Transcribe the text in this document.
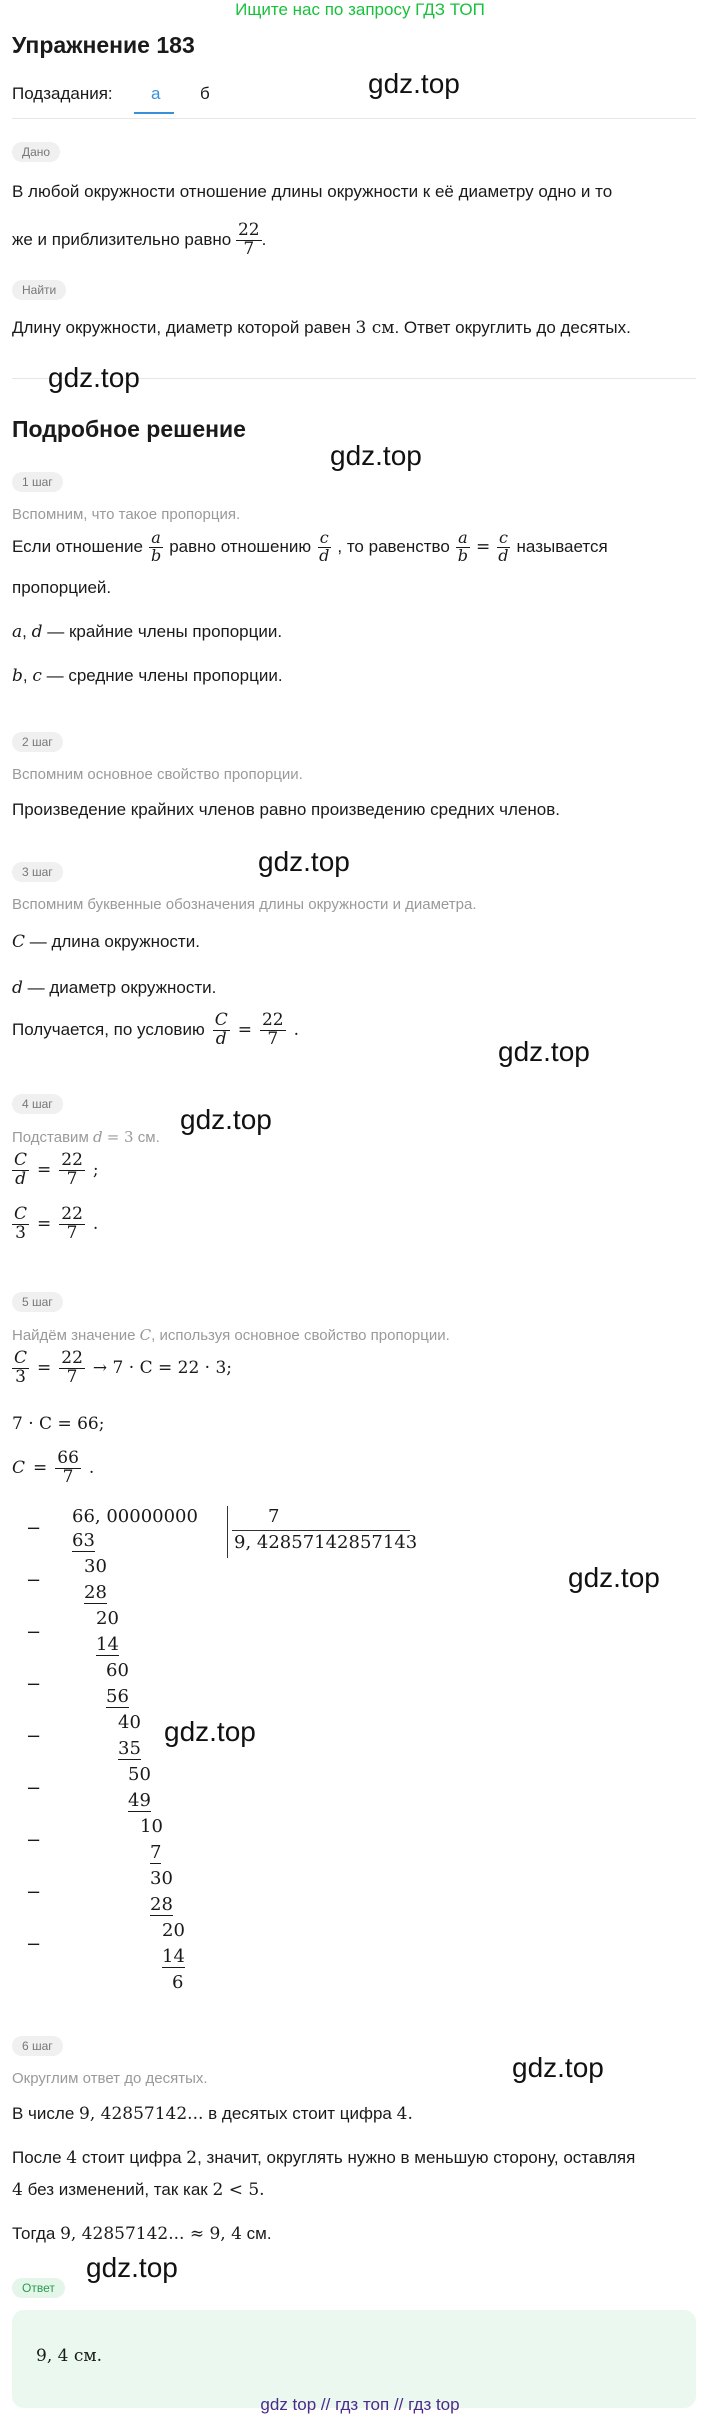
Ищите нас по запросу ГДЗ ТОП
Упражнение 183
Подзадания: а б	gdz.top
Дано
В любой окружности отношение длины окружности к её диаметру одно и то
же и приблизительно равно $\frac{22}{7}$ .
Найти
Длину окружности, диаметр которой равен 3 см. Ответ округлить до десятых.
gdz.top
Подробное решение
gdz.top
1 шаг
Вспомним, что такое пропорция.
Если отношение $\frac{a}{b}$ равно отношению $\frac{c}{d}$ , то равенство $\frac{a}{b} = \frac{c}{d}$ называется
пропорцией.
a, d — крайние члены пропорции.
b, c — средние члены пропорции.
2 шаг
Вспомним основное свойство пропорции.
Произведение крайних членов равно произведению средних членов.
3 шаг	gdz.top
Вспомним буквенные обозначения длины окружности и диаметра.
C — длина окружности.
d — диаметр окружности.
Получается, по условию $\frac{C}{d} = \frac{22}{7}$ .
gdz.top
4 шаг	gdz.top
Подставим d = 3 см.
$\frac{C}{d} = \frac{22}{7}$ ;
$\frac{C}{3} = \frac{22}{7}$ .
5 шаг
Найдём значение C, используя основное свойство пропорции.
$\frac{C}{3} = \frac{22}{7} \to 7 \cdot C = 22 \cdot 3$;
7 · C = 66;
$C = \frac{66}{7}$ .
66, 00000000	7
9, 42857142857143
−
−
−
−
−
−
−
−
−
63
30
28
20
14
60
56
40
35
50
49
10
7
30
28
20
14
6
gdz.top
gdz.top
6 шаг
gdz.top
Округлим ответ до десятых.
В числе 9, 42857142... в десятых стоит цифра 4.
После 4 стоит цифра 2, значит, округлять нужно в меньшую сторону, оставляя
4 без изменений, так как 2 < 5.
Тогда 9, 42857142... ≈ 9, 4 см.
gdz.top
Ответ
9, 4 см.
gdz top // гдз топ // гдз top
